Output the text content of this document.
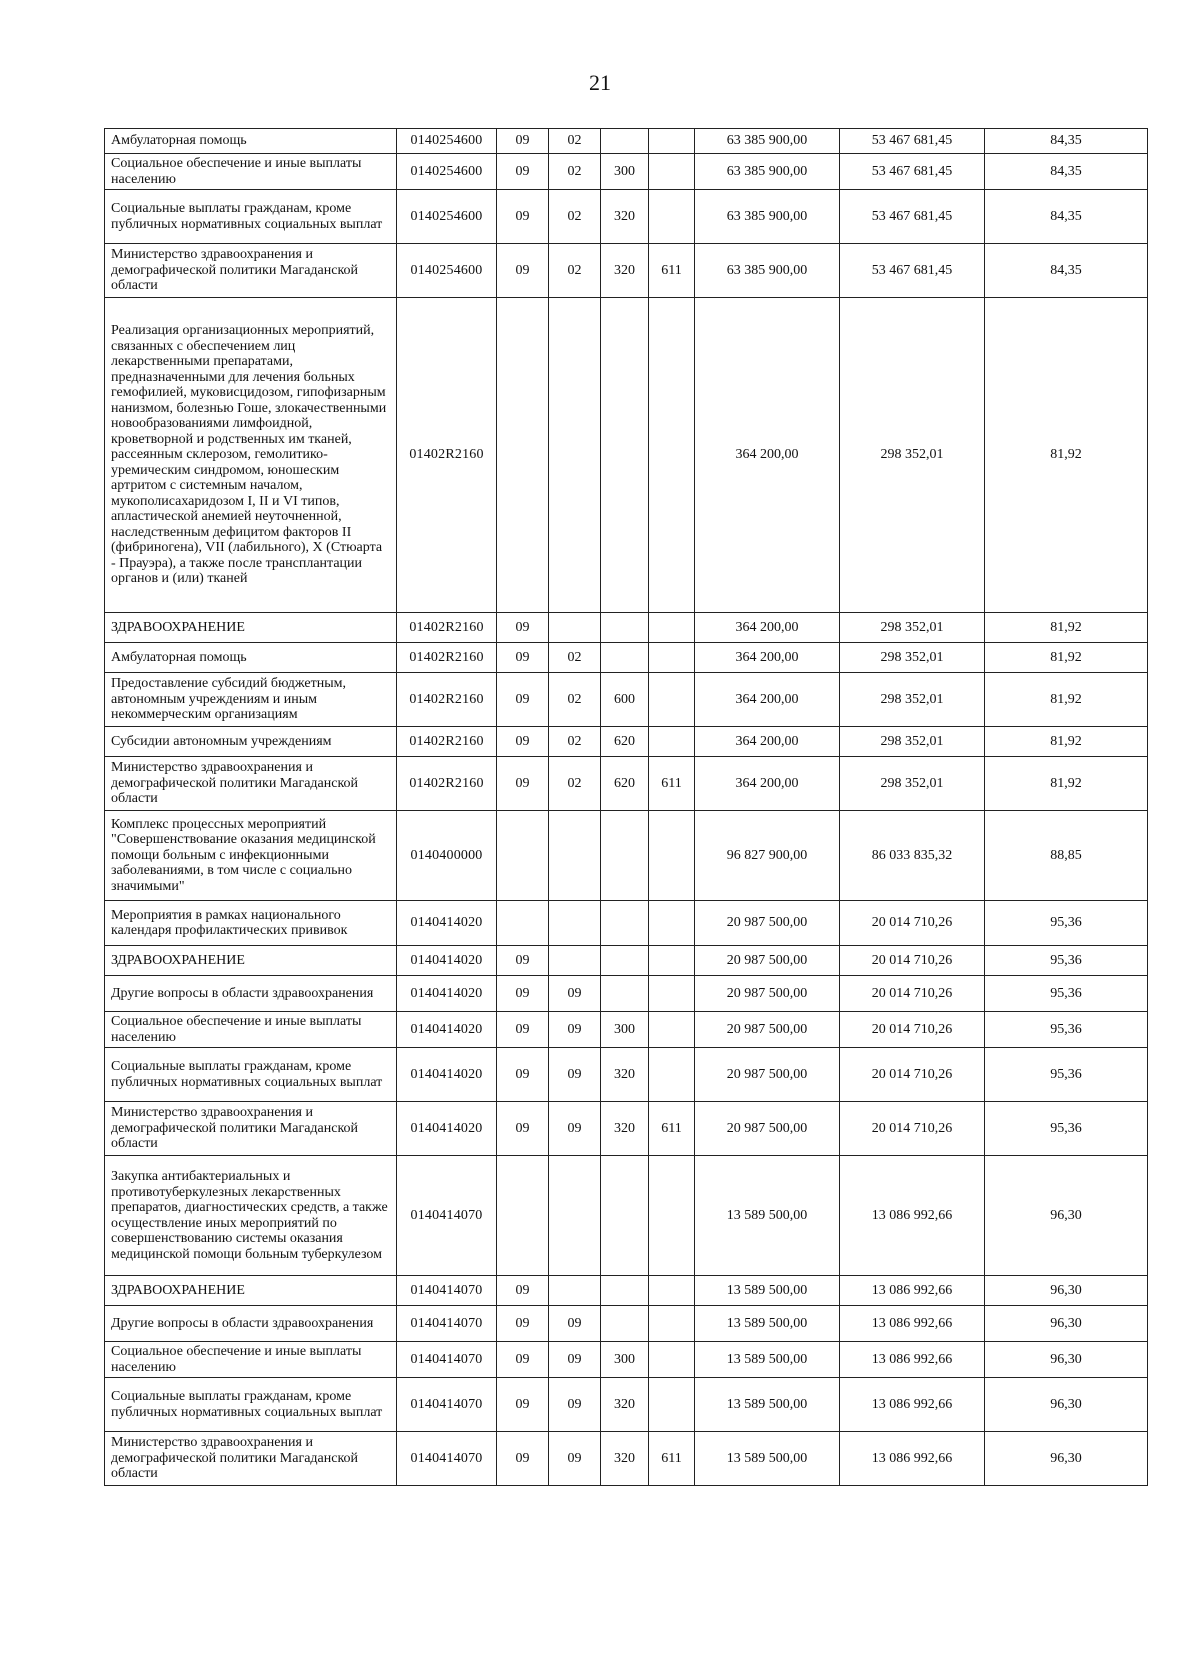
21
Амбулаторная помощь	0140254600	09	02			63 385 900,00	53 467 681,45	84,35
Социальное обеспечение и иные выплаты населению	0140254600	09	02	300		63 385 900,00	53 467 681,45	84,35
Социальные выплаты гражданам, кроме публичных нормативных социальных выплат	0140254600	09	02	320		63 385 900,00	53 467 681,45	84,35
Министерство здравоохранения и демографической политики Магаданской области	0140254600	09	02	320	611	63 385 900,00	53 467 681,45	84,35
Реализация организационных мероприятий, связанных с обеспечением лиц лекарственными препаратами, предназначенными для лечения больных гемофилией, муковисцидозом, гипофизарным нанизмом, болезнью Гоше, злокачественными новообразованиями лимфоидной, кроветворной и родственных им тканей, рассеянным склерозом, гемолитико-уремическим синдромом, юношеским артритом с системным началом, мукополисахаридозом I, II и VI типов, апластической анемией неуточненной, наследственным дефицитом факторов II (фибриногена), VII (лабильного), X (Стюарта - Прауэра), а также после трансплантации органов и (или) тканей	01402R2160					364 200,00	298 352,01	81,92
ЗДРАВООХРАНЕНИЕ	01402R2160	09				364 200,00	298 352,01	81,92
Амбулаторная помощь	01402R2160	09	02			364 200,00	298 352,01	81,92
Предоставление субсидий бюджетным, автономным учреждениям и иным некоммерческим организациям	01402R2160	09	02	600		364 200,00	298 352,01	81,92
Субсидии автономным учреждениям	01402R2160	09	02	620		364 200,00	298 352,01	81,92
Министерство здравоохранения и демографической политики Магаданской области	01402R2160	09	02	620	611	364 200,00	298 352,01	81,92
Комплекс процессных мероприятий "Совершенствование оказания медицинской помощи больным с инфекционными заболеваниями, в том числе с социально значимыми"	0140400000					96 827 900,00	86 033 835,32	88,85
Мероприятия в рамках национального календаря профилактических прививок	0140414020					20 987 500,00	20 014 710,26	95,36
ЗДРАВООХРАНЕНИЕ	0140414020	09				20 987 500,00	20 014 710,26	95,36
Другие вопросы в области здравоохранения	0140414020	09	09			20 987 500,00	20 014 710,26	95,36
Социальное обеспечение и иные выплаты населению	0140414020	09	09	300		20 987 500,00	20 014 710,26	95,36
Социальные выплаты гражданам, кроме публичных нормативных социальных выплат	0140414020	09	09	320		20 987 500,00	20 014 710,26	95,36
Министерство здравоохранения и демографической политики Магаданской области	0140414020	09	09	320	611	20 987 500,00	20 014 710,26	95,36
Закупка антибактериальных и противотуберкулезных лекарственных препаратов, диагностических средств, а также осуществление иных мероприятий по совершенствованию системы оказания медицинской помощи больным туберкулезом	0140414070					13 589 500,00	13 086 992,66	96,30
ЗДРАВООХРАНЕНИЕ	0140414070	09				13 589 500,00	13 086 992,66	96,30
Другие вопросы в области здравоохранения	0140414070	09	09			13 589 500,00	13 086 992,66	96,30
Социальное обеспечение и иные выплаты населению	0140414070	09	09	300		13 589 500,00	13 086 992,66	96,30
Социальные выплаты гражданам, кроме публичных нормативных социальных выплат	0140414070	09	09	320		13 589 500,00	13 086 992,66	96,30
Министерство здравоохранения и демографической политики Магаданской области	0140414070	09	09	320	611	13 589 500,00	13 086 992,66	96,30
